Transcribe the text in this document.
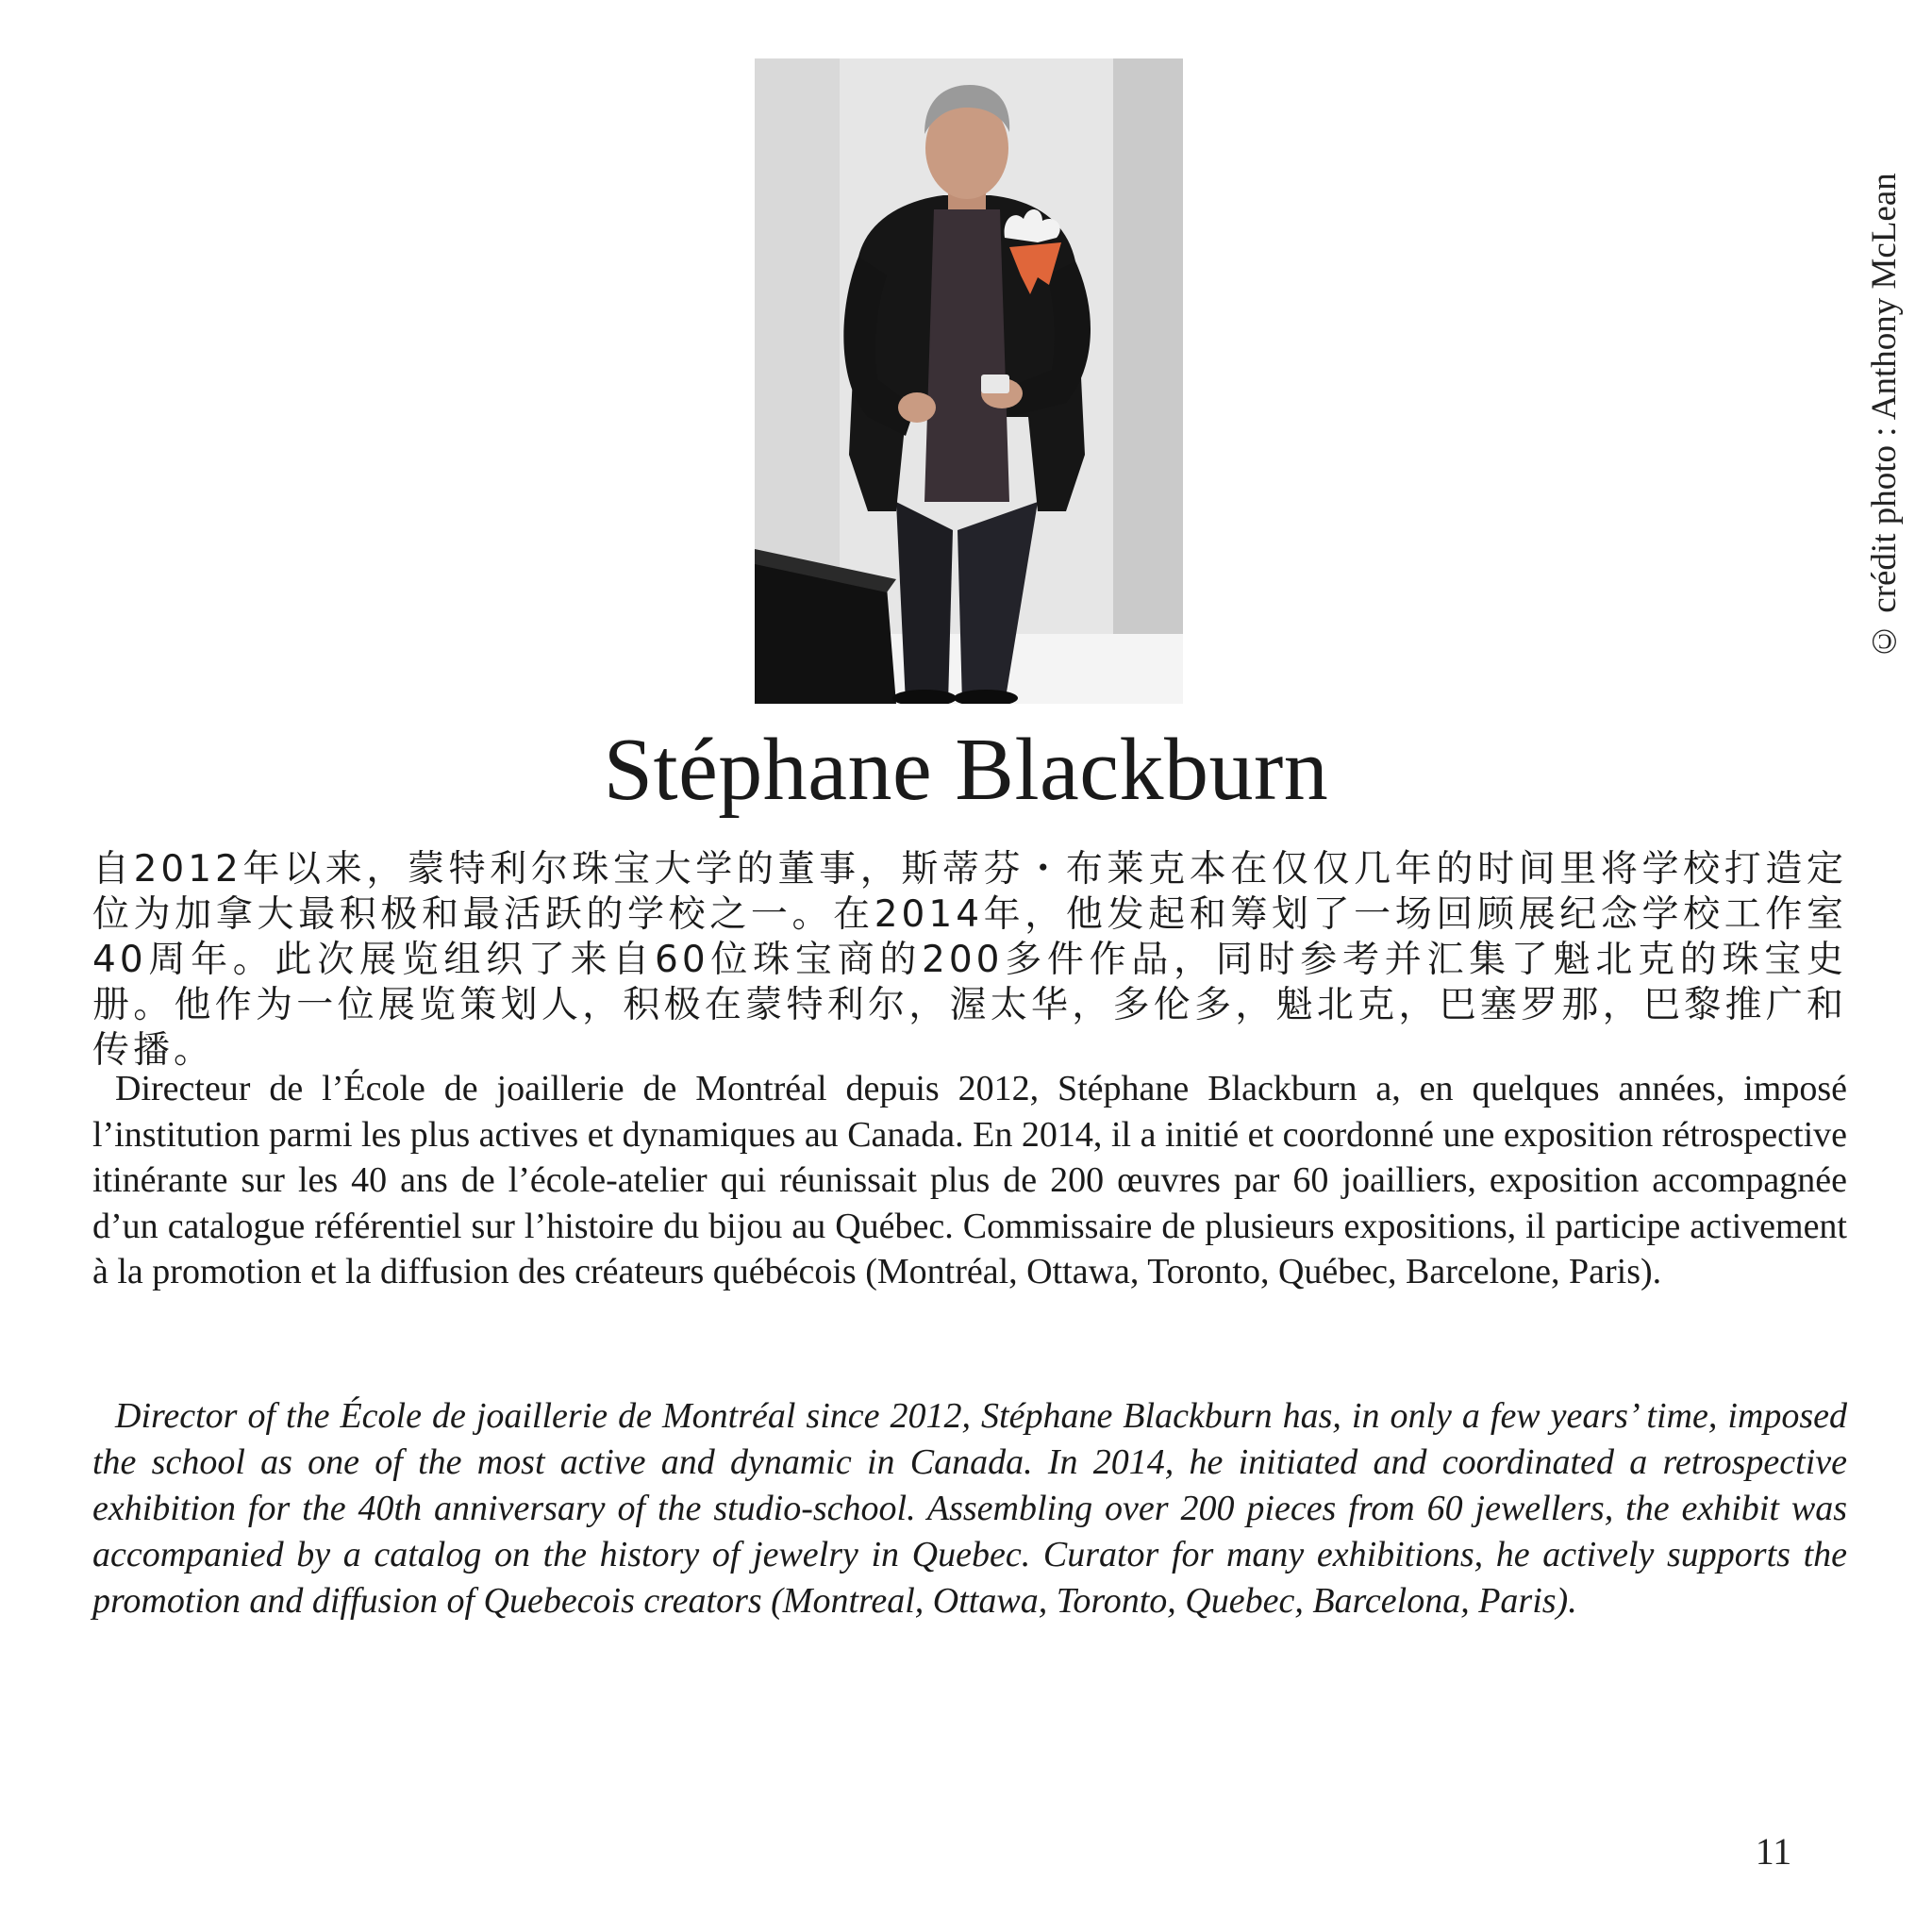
© crédit photo : Anthony McLean
Stéphane Blackburn

自2012年以来，蒙特利尔珠宝大学的董事，斯蒂芬・布莱克本在仅仅几年的时间里将学校打造定位为加拿大最积极和最活跃的学校之一。在2014年，他发起和筹划了一场回顾展纪念学校工作室40周年。此次展览组织了来自60位珠宝商的200多件作品，同时参考并汇集了魁北克的珠宝史册。他作为一位展览策划人，积极在蒙特利尔，渥太华，多伦多，魁北克，巴塞罗那，巴黎推广和传播。

Directeur de l’École de joaillerie de Montréal depuis 2012, Stéphane Blackburn a, en quelques années, imposé l’institution parmi les plus actives et dynamiques au Canada. En 2014, il a initié et coordonné une exposition rétrospective itinérante sur les 40 ans de l’école-atelier qui réunissait plus de 200 œuvres par 60 joailliers, exposition accompagnée d’un catalogue référentiel sur l’histoire du bijou au Québec. Commissaire de plusieurs expositions, il participe activement à la promotion et la diffusion des créateurs québécois (Montréal, Ottawa, Toronto, Québec, Barcelone, Paris).

Director of the École de joaillerie de Montréal since 2012, Stéphane Blackburn has, in only a few years’ time, imposed the school as one of the most active and dynamic in Canada. In 2014, he initiated and coordinated a retrospective exhibition for the 40th anniversary of the studio-school. Assembling over 200 pieces from 60 jewellers, the exhibit was accompanied by a catalog on the history of jewelry in Quebec. Curator for many exhibitions, he actively supports the promotion and diffusion of Quebecois creators (Montreal, Ottawa, Toronto, Quebec, Barcelona, Paris).

11
